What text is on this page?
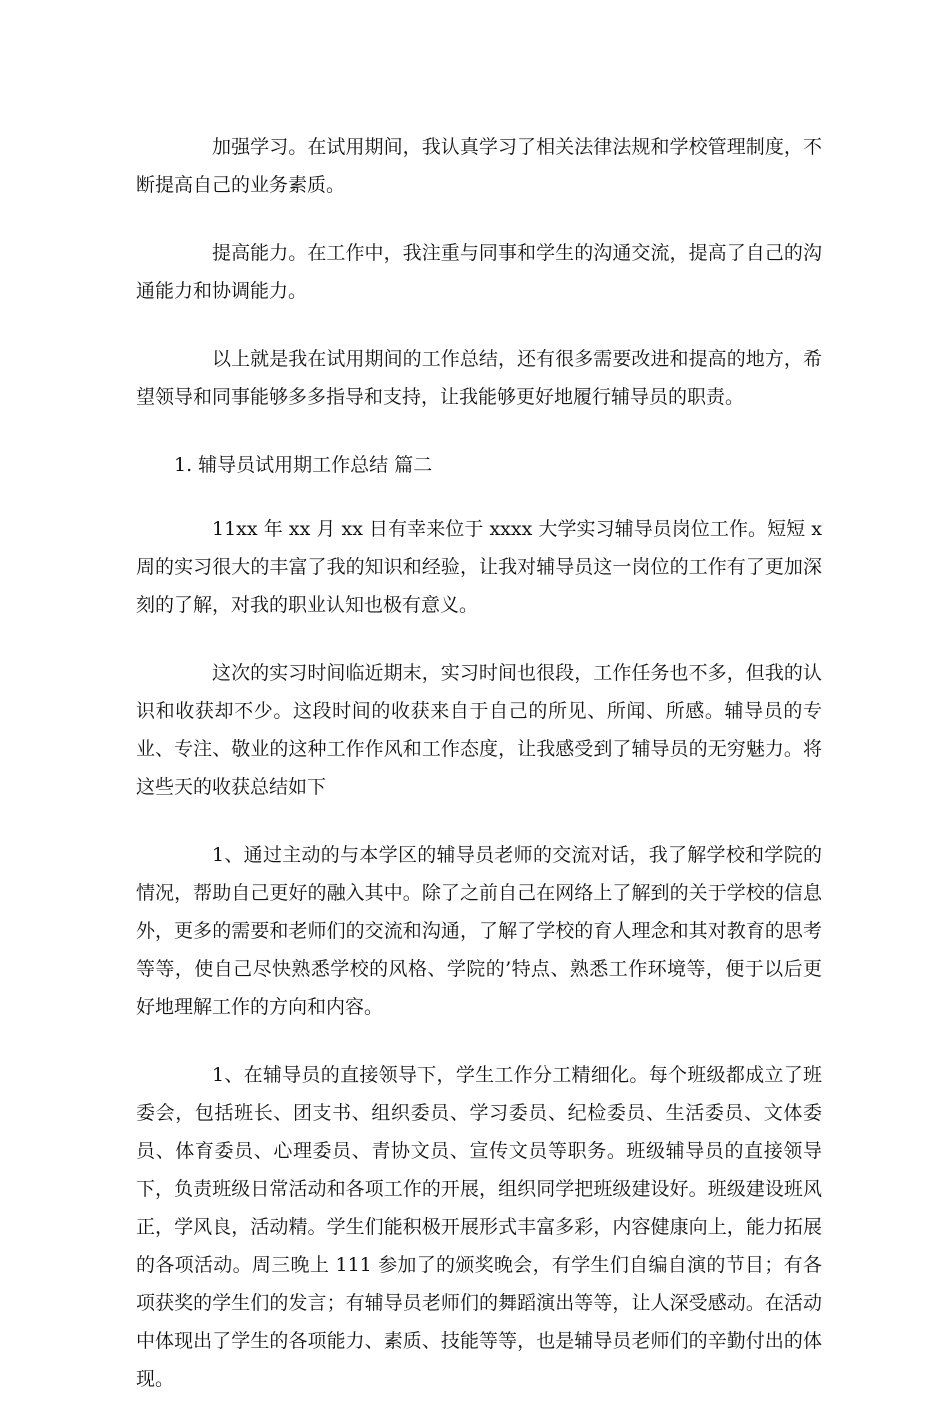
加强学习。在试用期间，我认真学习了相关法律法规和学校管理制度，不断提高自己的业务素质。

提高能力。在工作中，我注重与同事和学生的沟通交流，提高了自己的沟通能力和协调能力。

以上就是我在试用期间的工作总结，还有很多需要改进和提高的地方，希望领导和同事能够多多指导和支持，让我能够更好地履行辅导员的职责。

1. 辅导员试用期工作总结 篇二

11xx 年 xx 月 xx 日有幸来位于 xxxx 大学实习辅导员岗位工作。短短 x 周的实习很大的丰富了我的知识和经验，让我对辅导员这一岗位的工作有了更加深刻的了解，对我的职业认知也极有意义。

这次的实习时间临近期末，实习时间也很段，工作任务也不多，但我的认识和收获却不少。这段时间的收获来自于自己的所见、所闻、所感。辅导员的专业、专注、敬业的这种工作作风和工作态度，让我感受到了辅导员的无穷魅力。将这些天的收获总结如下

1、通过主动的与本学区的辅导员老师的交流对话，我了解学校和学院的情况，帮助自己更好的融入其中。除了之前自己在网络上了解到的关于学校的信息外，更多的需要和老师们的交流和沟通，了解了学校的育人理念和其对教育的思考等等，使自己尽快熟悉学校的风格、学院的’特点、熟悉工作环境等，便于以后更好地理解工作的方向和内容。

1、在辅导员的直接领导下，学生工作分工精细化。每个班级都成立了班委会，包括班长、团支书、组织委员、学习委员、纪检委员、生活委员、文体委员、体育委员、心理委员、青协文员、宣传文员等职务。班级辅导员的直接领导下，负责班级日常活动和各项工作的开展，组织同学把班级建设好。班级建设班风正，学风良，活动精。学生们能积极开展形式丰富多彩，内容健康向上，能力拓展的各项活动。周三晚上 111 参加了的颁奖晚会，有学生们自编自演的节目；有各项获奖的学生们的发言；有辅导员老师们的舞蹈演出等等，让人深受感动。在活动中体现出了学生的各项能力、素质、技能等等，也是辅导员老师们的辛勤付出的体现。
